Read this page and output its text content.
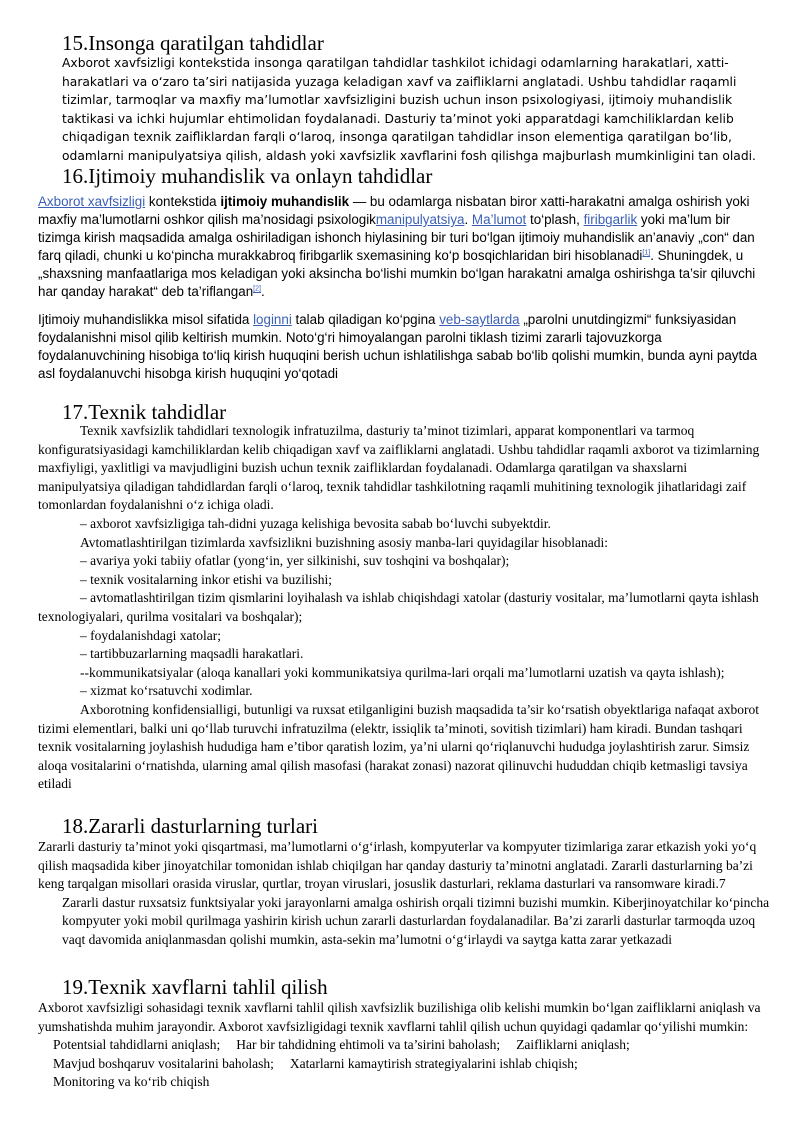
15.Insonga qaratilgan tahdidlar

Axborot xavfsizligi kontekstida insonga qaratilgan tahdidlar tashkilot ichidagi odamlarning harakatlari, xatti-harakatlari va o‘zaro ta’siri natijasida yuzaga keladigan xavf va zaifliklarni anglatadi. Ushbu tahdidlar raqamli tizimlar, tarmoqlar va maxfiy ma’lumotlar xavfsizligini buzish uchun inson psixologiyasi, ijtimoiy muhandislik taktikasi va ichki hujumlar ehtimolidan foydalanadi. Dasturiy ta’minot yoki apparatdagi kamchiliklardan kelib chiqadigan texnik zaifliklardan farqli o‘laroq, insonga qaratilgan tahdidlar inson elementiga qaratilgan bo‘lib, odamlarni manipulyatsiya qilish, aldash yoki xavfsizlik xavflarini fosh qilishga majburlash mumkinligini tan oladi.

16.Ijtimoiy muhandislik va onlayn tahdidlar

Axborot xavfsizligi kontekstida ijtimoiy muhandislik — bu odamlarga nisbatan biror xatti-harakatni amalga oshirish yoki maxfiy ma’lumotlarni oshkor qilish ma’nosidagi psixologikmanipulyatsiya. Ma’lumot to‘plash, firibgarlik yoki ma’lum bir tizimga kirish maqsadida amalga oshiriladigan ishonch hiylasining bir turi bo‘lgan ijtimoiy muhandislik an’anaviy „con“ dan farq qiladi, chunki u ko‘pincha murakkabroq firibgarlik sxemasining ko‘p bosqichlaridan biri hisoblanadi[1]. Shuningdek, u „shaxsning manfaatlariga mos keladigan yoki aksincha bo‘lishi mumkin bo‘lgan harakatni amalga oshirishga ta’sir qiluvchi har qanday harakat“ deb ta’riflangan[2].

Ijtimoiy muhandislikka misol sifatida loginni talab qiladigan ko‘pgina veb-saytlarda „parolni unutdingizmi“ funksiyasidan foydalanishni misol qilib keltirish mumkin. Noto‘g‘ri himoyalangan parolni tiklash tizimi zararli tajovuzkorga foydalanuvchining hisobiga to‘liq kirish huquqini berish uchun ishlatilishga sabab bo‘lib qolishi mumkin, bunda ayni paytda asl foydalanuvchi hisobga kirish huquqini yo‘qotadi

17.Texnik tahdidlar

Texnik xavfsizlik tahdidlari texnologik infratuzilma, dasturiy ta’minot tizimlari, apparat komponentlari va tarmoq konfiguratsiyasidagi kamchiliklardan kelib chiqadigan xavf va zaifliklarni anglatadi. Ushbu tahdidlar raqamli axborot va tizimlarning maxfiyligi, yaxlitligi va mavjudligini buzish uchun texnik zaifliklardan foydalanadi. Odamlarga qaratilgan va shaxslarni manipulyatsiya qiladigan tahdidlardan farqli o‘laroq, texnik tahdidlar tashkilotning raqamli muhitining texnologik jihatlaridagi zaif tomonlardan foydalanishni o‘z ichiga oladi.

– axborot xavfsizligiga tah-didni yuzaga kelishiga bevosita sabab bo‘luvchi subyektdir.

Avtomatlashtirilgan tizimlarda xavfsizlikni buzishning asosiy manba-lari quyidagilar hisoblanadi:

– avariya yoki tabiiy ofatlar (yong‘in, yer silkinishi, suv toshqini va boshqalar);

– texnik vositalarning inkor etishi va buzilishi;

– avtomatlashtirilgan tizim qismlarini loyihalash va ishlab chiqishdagi xatolar (dasturiy vositalar, ma’lumotlarni qayta ishlash texnologiyalari, qurilma vositalari va boshqalar);

– foydalanishdagi xatolar;

– tartibbuzarlarning maqsadli harakatlari.

--kommunikatsiyalar (aloqa kanallari yoki kommunikatsiya qurilma-lari orqali ma’lumotlarni uzatish va qayta ishlash);

– xizmat ko‘rsatuvchi xodimlar.

Axborotning konfidensialligi, butunligi va ruxsat etilganligini buzish maqsadida ta’sir ko‘rsatish obyektlariga nafaqat axborot tizimi elementlari, balki uni qo‘llab turuvchi infratuzilma (elektr, issiqlik ta’minoti, sovitish tizimlari) ham kiradi. Bundan tashqari texnik vositalarning joylashish hududiga ham e’tibor qaratish lozim, ya’ni ularni qo‘riqlanuvchi hududga joylashtirish zarur. Simsiz aloqa vositalarini o‘rnatishda, ularning amal qilish masofasi (harakat zonasi) nazorat qilinuvchi hududdan chiqib ketmasligi tavsiya etiladi

18.Zararli dasturlarning turlari

Zararli dasturiy ta’minot yoki qisqartmasi, ma’lumotlarni o‘g‘irlash, kompyuterlar va kompyuter tizimlariga zarar etkazish yoki yo‘q qilish maqsadida kiber jinoyatchilar tomonidan ishlab chiqilgan har qanday dasturiy ta’minotni anglatadi. Zararli dasturlarning ba’zi keng tarqalgan misollari orasida viruslar, qurtlar, troyan viruslari, josuslik dasturlari, reklama dasturlari va ransomware kiradi.7

Zararli dastur ruxsatsiz funktsiyalar yoki jarayonlarni amalga oshirish orqali tizimni buzishi mumkin. Kiberjinoyatchilar ko‘pincha kompyuter yoki mobil qurilmaga yashirin kirish uchun zararli dasturlardan foydalanadilar. Ba’zi zararli dasturlar tarmoqda uzoq vaqt davomida aniqlanmasdan qolishi mumkin, asta-sekin ma’lumotni o‘g‘irlaydi va saytga katta zarar yetkazadi

19.Texnik xavflarni tahlil qilish

Axborot xavfsizligi sohasidagi texnik xavflarni tahlil qilish xavfsizlik buzilishiga olib kelishi mumkin bo‘lgan zaifliklarni aniqlash va yumshatishda muhim jarayondir. Axborot xavfsizligidagi texnik xavflarni tahlil qilish uchun quyidagi qadamlar qo‘yilishi mumkin:

Potentsial tahdidlarni aniqlash; Har bir tahdidning ehtimoli va ta’sirini baholash; Zaifliklarni aniqlash;
Mavjud boshqaruv vositalarini baholash; Xatarlarni kamaytirish strategiyalarini ishlab chiqish;
Monitoring va ko‘rib chiqish
